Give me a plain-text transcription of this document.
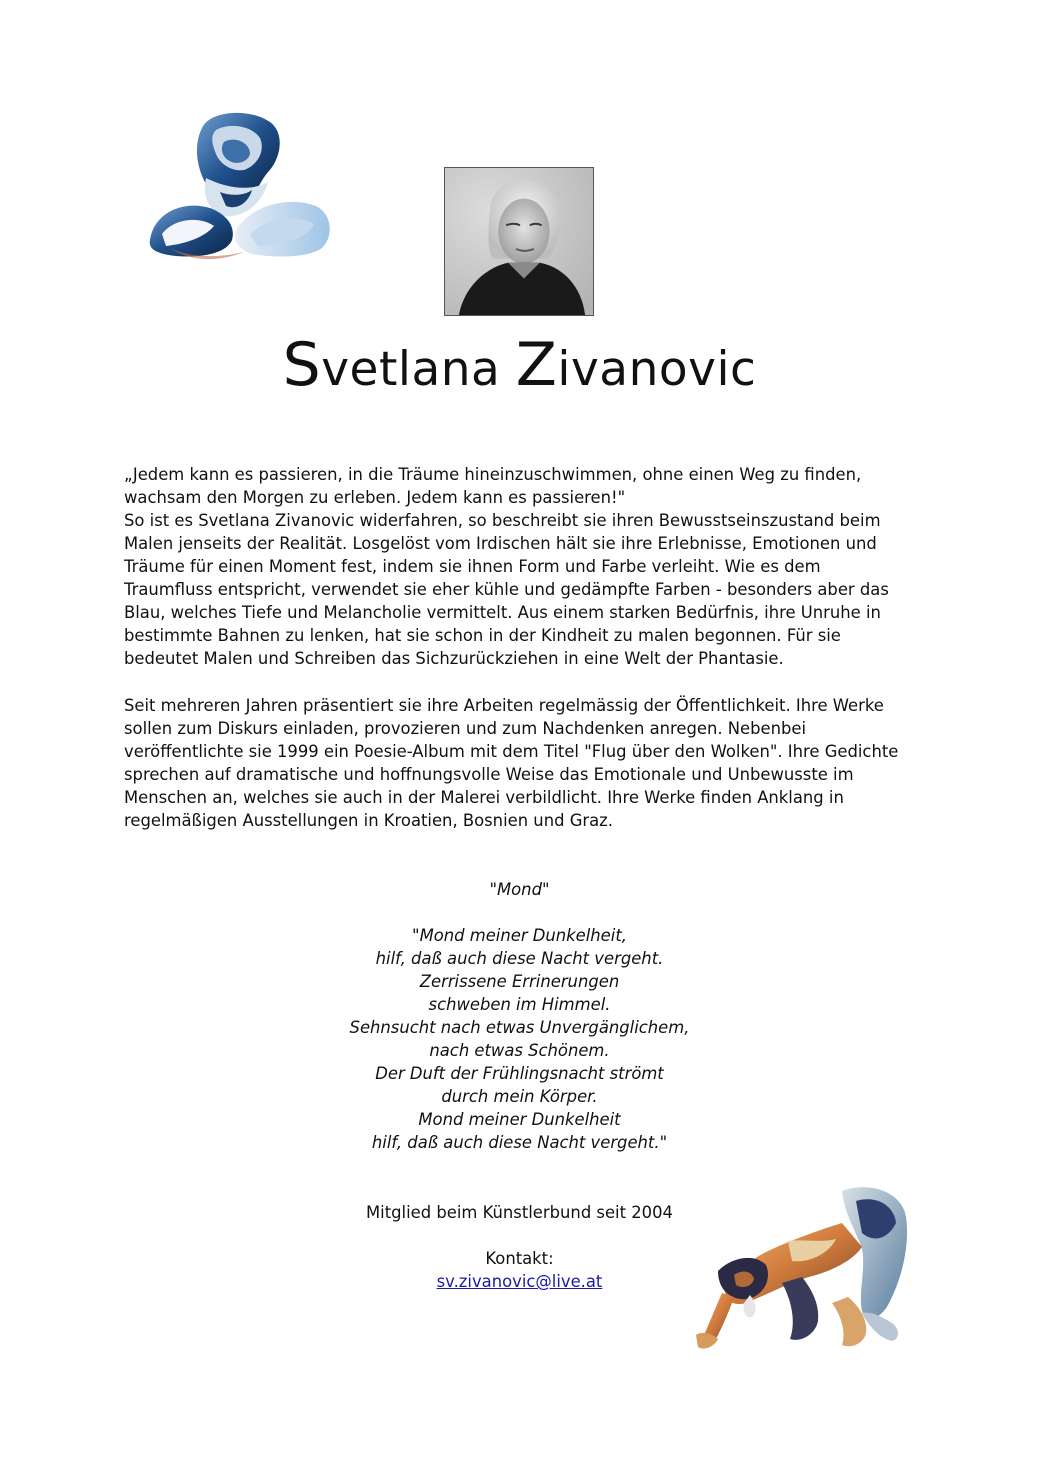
Svetlana Zivanovic

„Jedem kann es passieren, in die Träume hineinzuschwimmen, ohne einen Weg zu finden,
wachsam den Morgen zu erleben. Jedem kann es passieren!"
So ist es Svetlana Zivanovic widerfahren, so beschreibt sie ihren Bewusstseinszustand beim
Malen jenseits der Realität. Losgelöst vom Irdischen hält sie ihre Erlebnisse, Emotionen und
Träume für einen Moment fest, indem sie ihnen Form und Farbe verleiht. Wie es dem
Traumfluss entspricht, verwendet sie eher kühle und gedämpfte Farben - besonders aber das
Blau, welches Tiefe und Melancholie vermittelt. Aus einem starken Bedürfnis, ihre Unruhe in
bestimmte Bahnen zu lenken, hat sie schon in der Kindheit zu malen begonnen. Für sie
bedeutet Malen und Schreiben das Sichzurückziehen in eine Welt der Phantasie.

Seit mehreren Jahren präsentiert sie ihre Arbeiten regelmässig der Öffentlichkeit. Ihre Werke
sollen zum Diskurs einladen, provozieren und zum Nachdenken anregen. Nebenbei
veröffentlichte sie 1999 ein Poesie-Album mit dem Titel "Flug über den Wolken". Ihre Gedichte
sprechen auf dramatische und hoffnungsvolle Weise das Emotionale und Unbewusste im
Menschen an, welches sie auch in der Malerei verbildlicht. Ihre Werke finden Anklang in
regelmäßigen Ausstellungen in Kroatien, Bosnien und Graz.

"Mond"
"Mond meiner Dunkelheit,
hilf, daß auch diese Nacht vergeht.
Zerrissene Errinerungen
schweben im Himmel.
Sehnsucht nach etwas Unvergänglichem,
nach etwas Schönem.
Der Duft der Frühlingsnacht strömt
durch mein Körper.
Mond meiner Dunkelheit
hilf, daß auch diese Nacht vergeht."
Mitglied beim Künstlerbund seit 2004
Kontakt:
sv.zivanovic@live.at
